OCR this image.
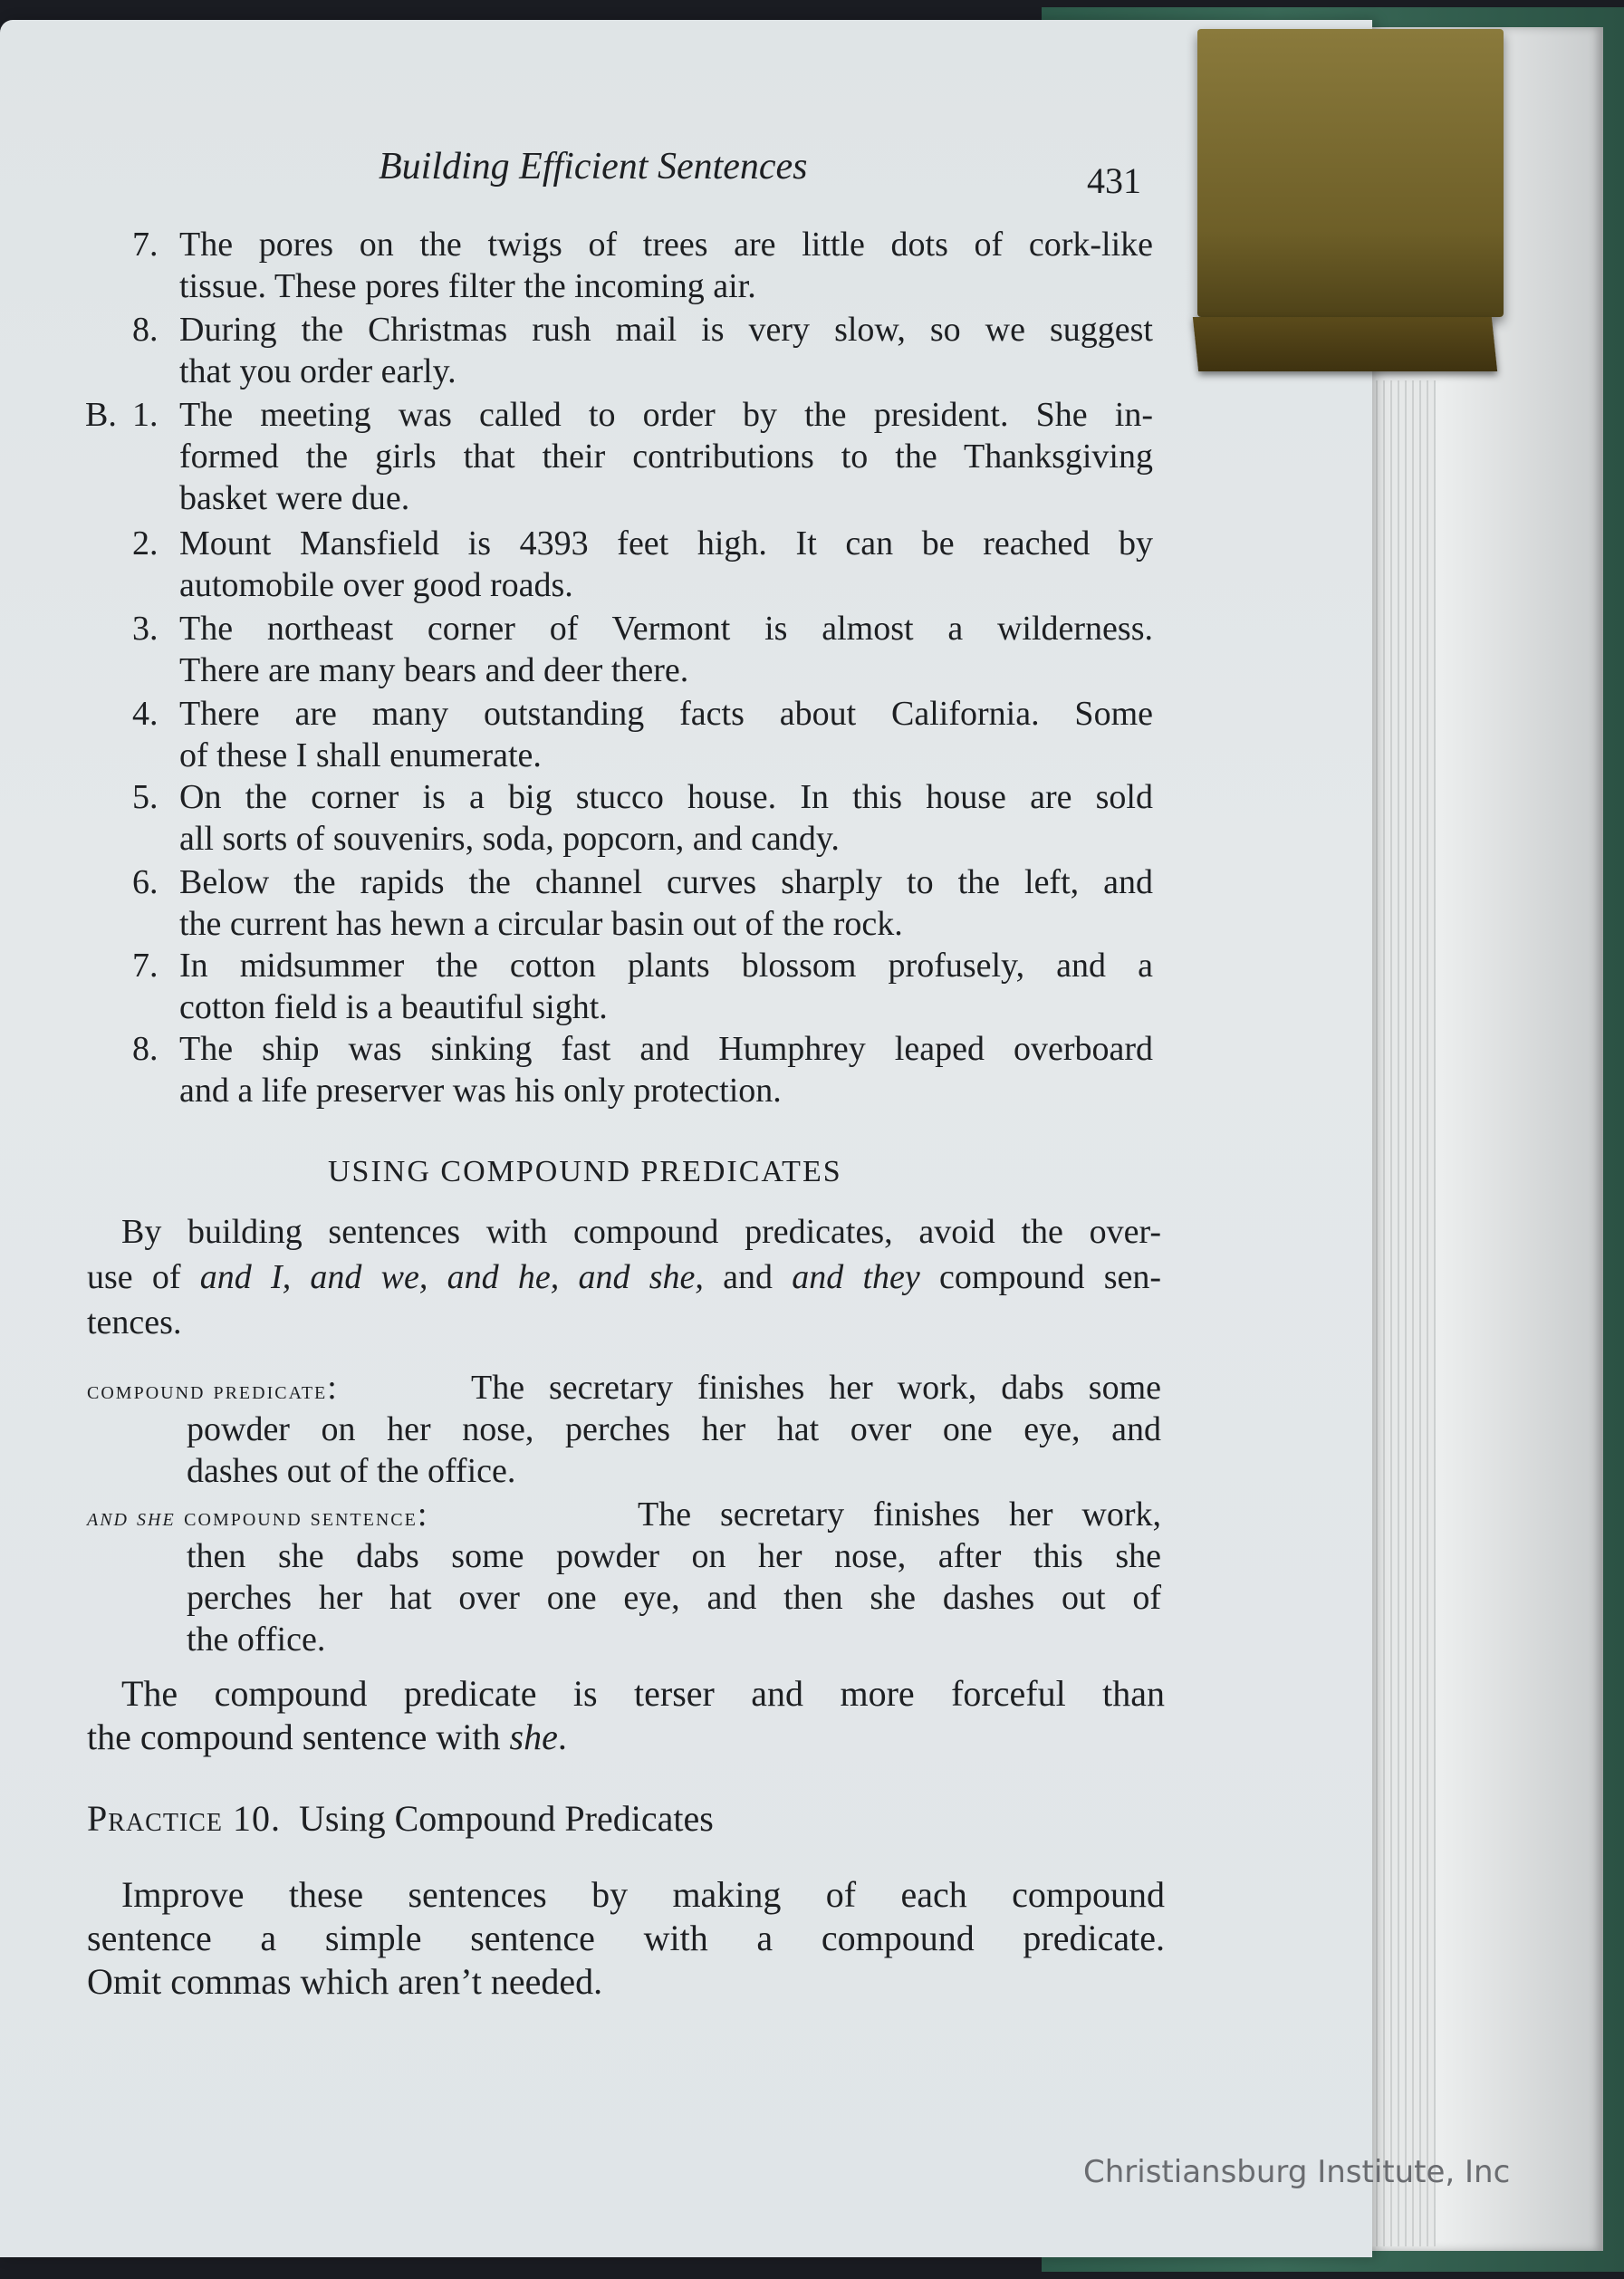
Building Efficient Sentences	431
7. The pores on the twigs of trees are little dots of cork-like
tissue. These pores filter the incoming air.
8. During the Christmas rush mail is very slow, so we suggest
that you order early.
B. 1. The meeting was called to order by the president. She in-
formed the girls that their contributions to the Thanksgiving
basket were due.
2. Mount Mansfield is 4393 feet high. It can be reached by
automobile over good roads.
3. The northeast corner of Vermont is almost a wilderness.
There are many bears and deer there.
4. There are many outstanding facts about California. Some
of these I shall enumerate.
5. On the corner is a big stucco house. In this house are sold
all sorts of souvenirs, soda, popcorn, and candy.
6. Below the rapids the channel curves sharply to the left, and
the current has hewn a circular basin out of the rock.
7. In midsummer the cotton plants blossom profusely, and a
cotton field is a beautiful sight.
8. The ship was sinking fast and Humphrey leaped overboard
and a life preserver was his only protection.
USING COMPOUND PREDICATES
By building sentences with compound predicates, avoid the over-
use of and I, and we, and he, and she, and and they compound sen-
tences.
compound predicate:	The secretary finishes her work, dabs some
powder on her nose, perches her hat over one eye, and
dashes out of the office.
and she compound sentence:	The secretary finishes her work,
then she dabs some powder on her nose, after this she
perches her hat over one eye, and then she dashes out of
the office.
The compound predicate is terser and more forceful than
the compound sentence with she.
Practice 10. Using Compound Predicates
Improve these sentences by making of each compound
sentence a simple sentence with a compound predicate.
Omit commas which aren’t needed.
Christiansburg Institute, Inc
